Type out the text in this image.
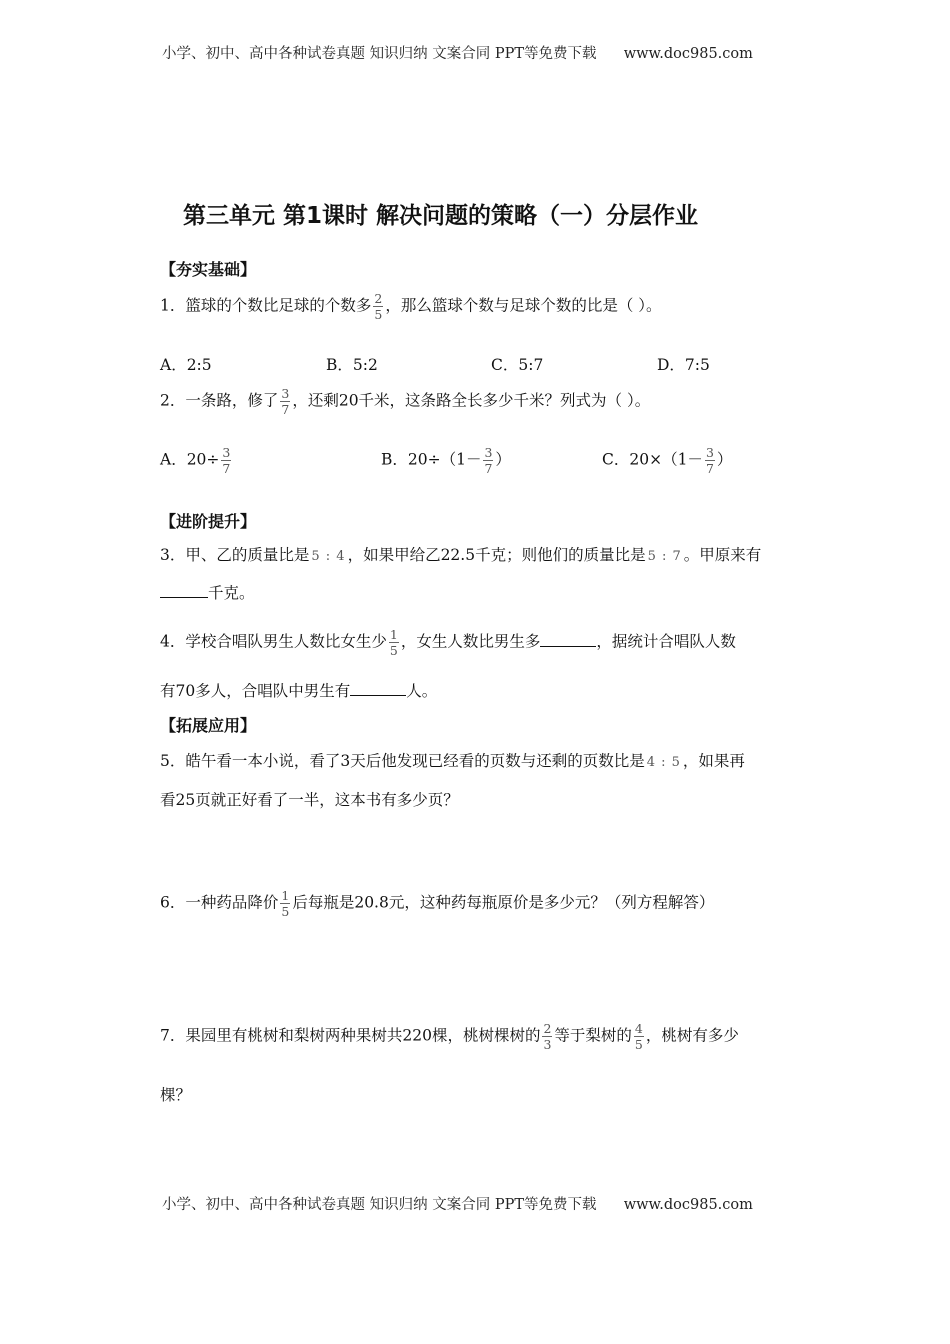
小学、初中、高中各种试卷真题 知识归纳 文案合同 PPT等免费下载 www.doc985.com
第三单元 第1课时 解决问题的策略（一）分层作业
【夯实基础】
1．篮球的个数比足球的个数多 $\frac{2}{5}$ ，那么篮球个数与足球个数的比是（ ）。
A．2:5	B．5:2	C．5:7	D．7:5
2．一条路，修了 $\frac{3}{7}$ ，还剩20千米，这条路全长多少千米？列式为（ ）。
A．$20\div \frac{3}{7}$	B．$20\div(1- \frac{3}{7}$ ）	C．$20\times(1- \frac{3}{7}$ ）
【进阶提升】
3．甲、乙的质量比是 5 : 4 ，如果甲给乙22.5千克；则他们的质量比是 5 : 7 。甲原来有
千克。
4．学校合唱队男生人数比女生少 $\frac{1}{5}$ ，女生人数比男生多	，据统计合唱队人数
有70多人，合唱队中男生有	人。
【拓展应用】
5．皓午看一本小说，看了3天后他发现已经看的页数与还剩的页数比是 4 : 5 ，如果再
看25页就正好看了一半，这本书有多少页？
6．一种药品降价 $\frac{1}{5}$ 后每瓶是20.8元，这种药每瓶原价是多少元？（列方程解答）
7．果园里有桃树和梨树两种果树共220棵，桃树棵树的 $\frac{2}{3}$ 等于梨树的 $\frac{4}{5}$ ，桃树有多少
棵？
小学、初中、高中各种试卷真题 知识归纳 文案合同 PPT等免费下载 www.doc985.com
